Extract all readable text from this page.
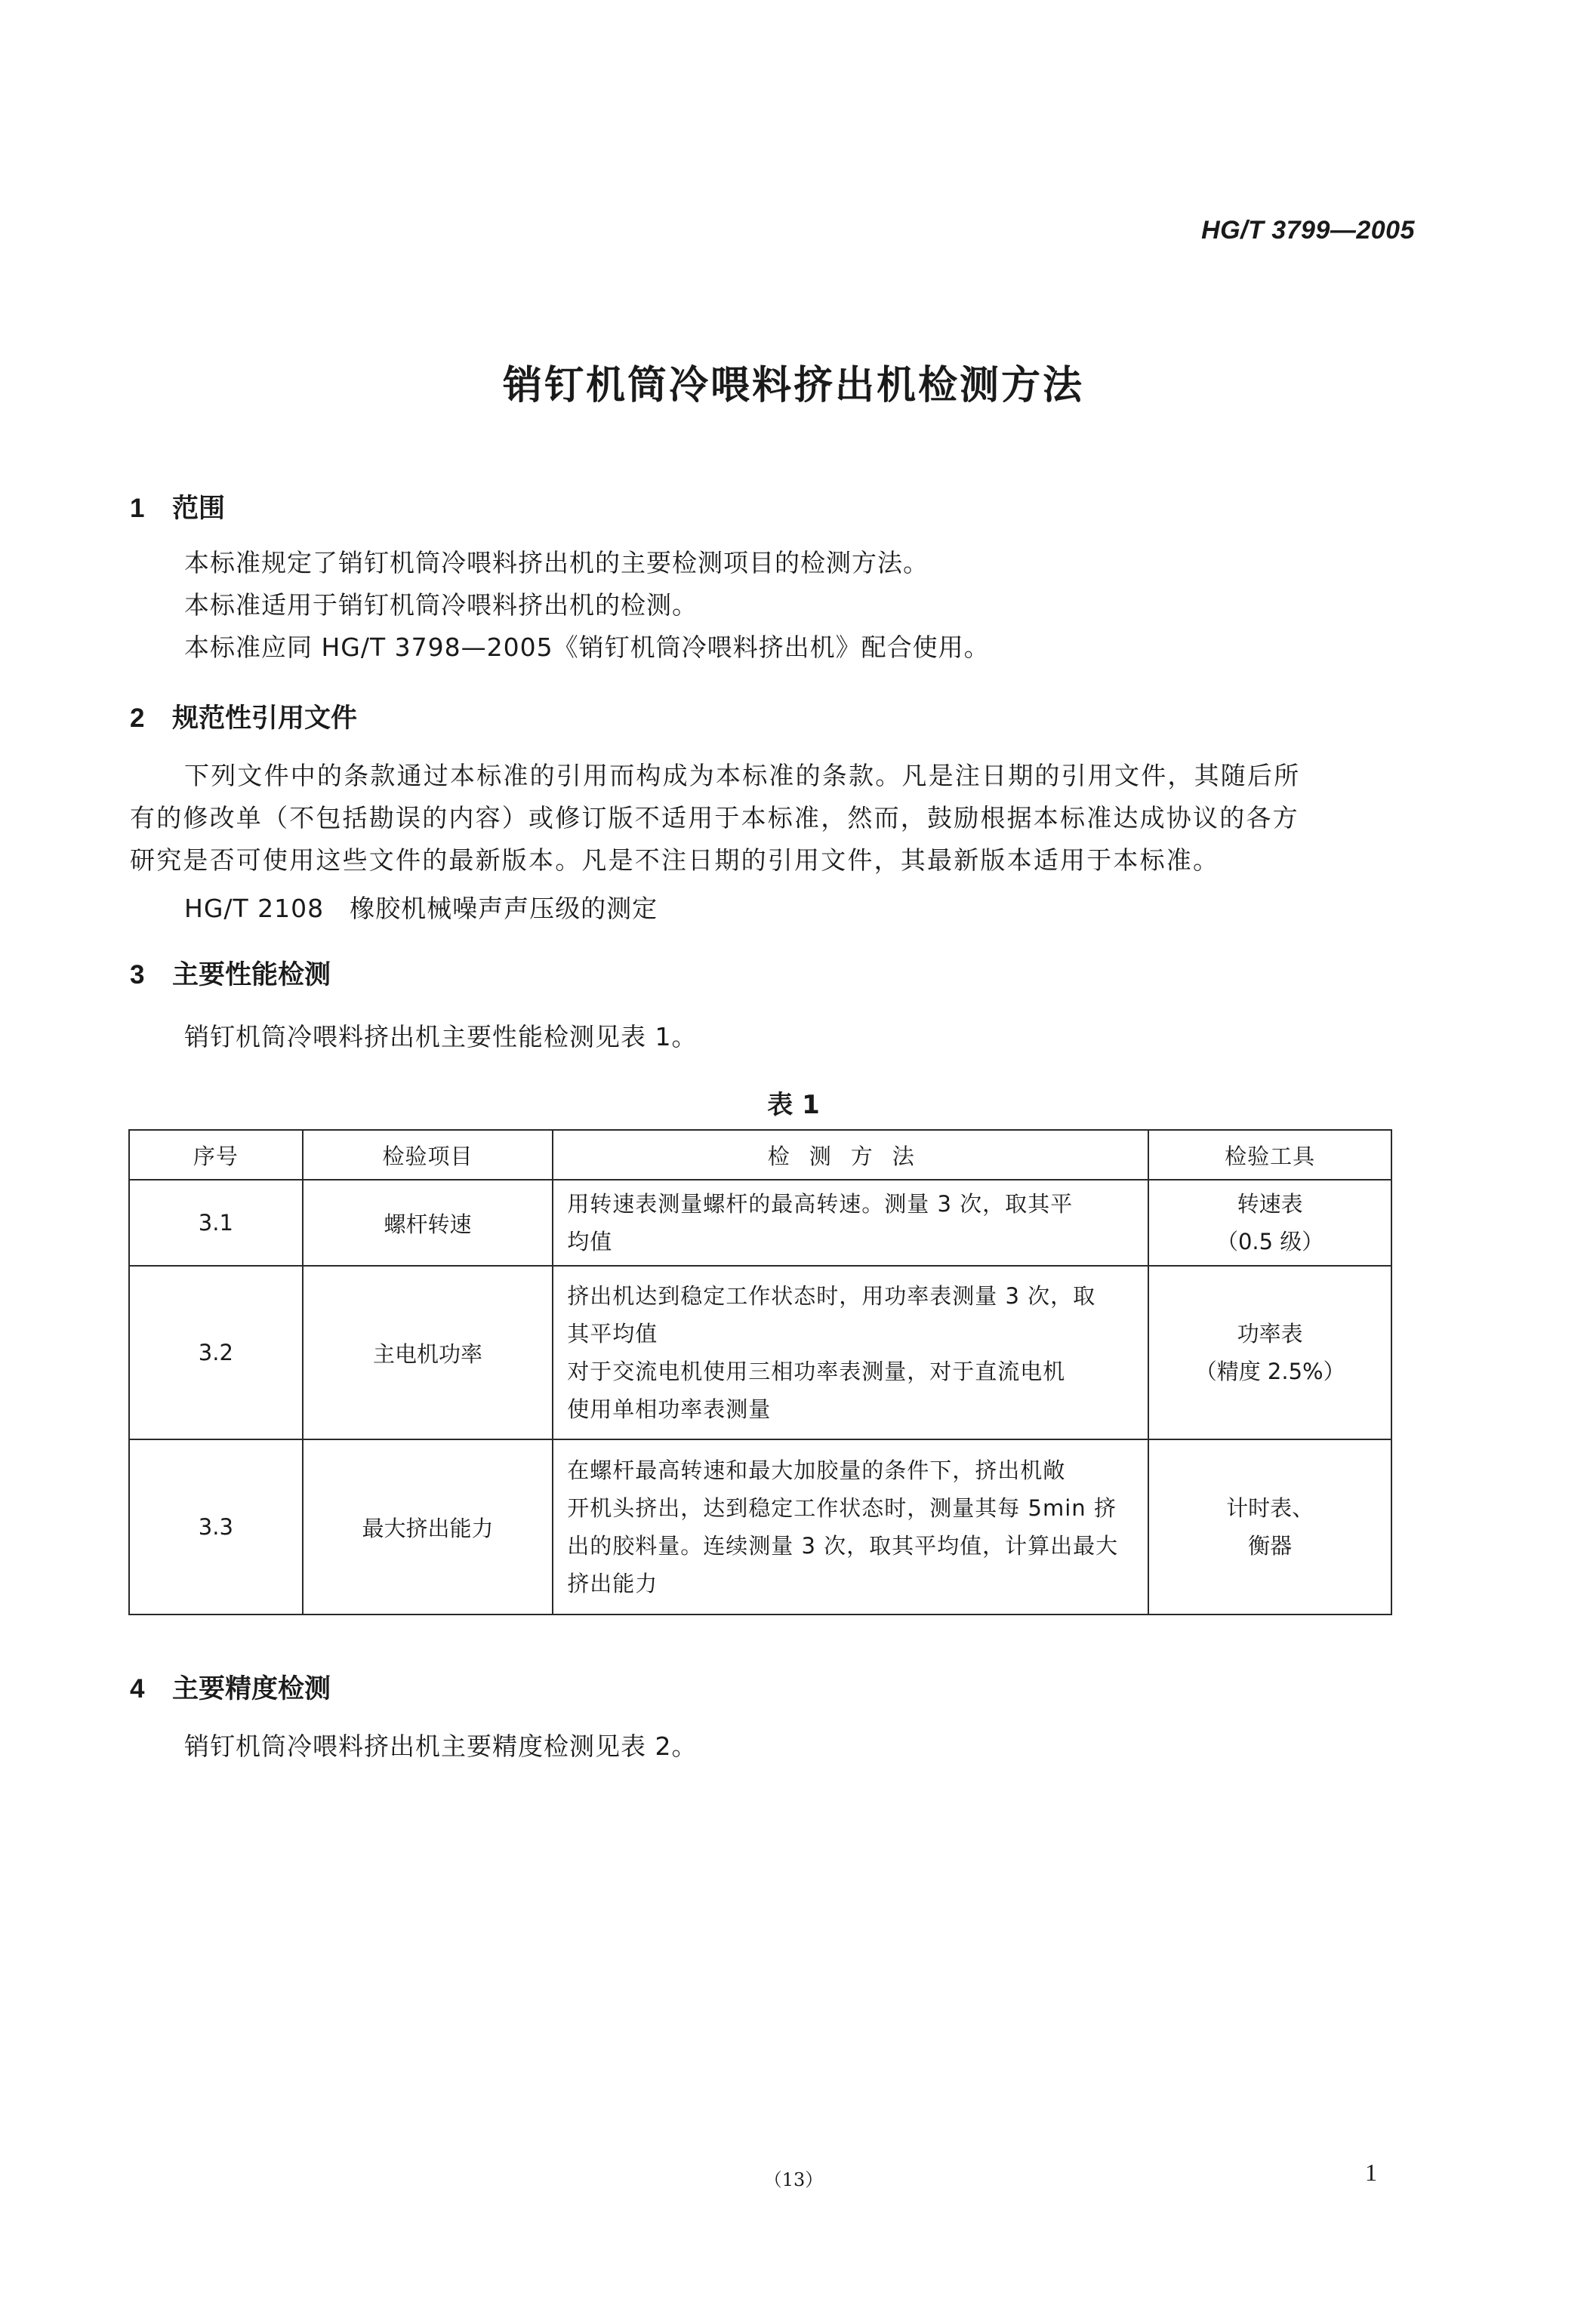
HG/T 3799—2005
销钉机筒冷喂料挤出机检测方法
1 范围
本标准规定了销钉机筒冷喂料挤出机的主要检测项目的检测方法。
本标准适用于销钉机筒冷喂料挤出机的检测。
本标准应同 HG/T 3798—2005《销钉机筒冷喂料挤出机》配合使用。
2 规范性引用文件
下列文件中的条款通过本标准的引用而构成为本标准的条款。凡是注日期的引用文件，其随后所
有的修改单（不包括勘误的内容）或修订版不适用于本标准，然而，鼓励根据本标准达成协议的各方
研究是否可使用这些文件的最新版本。凡是不注日期的引用文件，其最新版本适用于本标准。
HG/T 2108　橡胶机械噪声声压级的测定
3 主要性能检测
销钉机筒冷喂料挤出机主要性能检测见表 1。
表 1
序号	检验项目	检测方法	检验工具
3.1	螺杆转速	用转速表测量螺杆的最高转速。测量 3 次，取其平
均值	转速表
（0.5 级）

3.2	主电机功率	挤出机达到稳定工作状态时，用功率表测量 3 次，取
其平均值
对于交流电机使用三相功率表测量，对于直流电机
使用单相功率表测量	功率表
（精度 2.5%）

3.3	最大挤出能力	在螺杆最高转速和最大加胶量的条件下，挤出机敞
开机头挤出，达到稳定工作状态时，测量其每 5min 挤
出的胶料量。连续测量 3 次，取其平均值，计算出最大
挤出能力	计时表、
衡器
4 主要精度检测
销钉机筒冷喂料挤出机主要精度检测见表 2。
（13）	1
